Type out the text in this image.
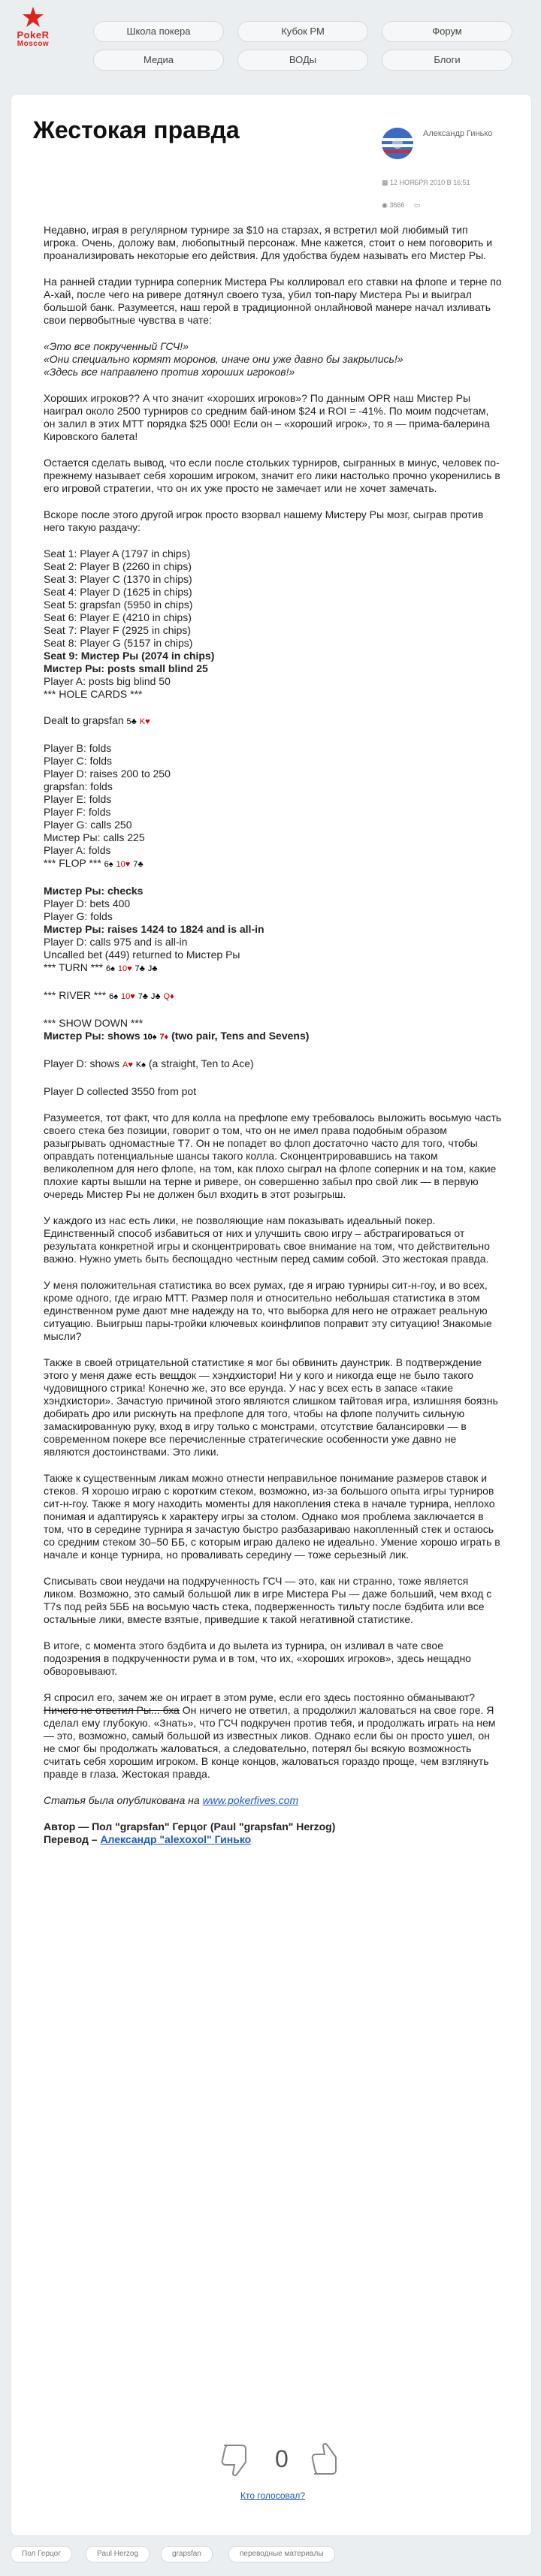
PokeR
Moscow
Школа покера	Кубок РМ	Форум
Медиа	ВОДы	Блоги
Жестокая правда	Александр Гинько
▦ 12 НОЯБРЯ 2010 В 16:51
◉ 3666 ▭

Недавно, играя в регулярном турнире за $10 на старзах, я встретил мой любимый тип игрока. Очень, доложу вам, любопытный персонаж. Мне кажется, стоит о нем поговорить и проанализировать некоторые его действия. Для удобства будем называть его Мистер Ры.

На ранней стадии турнира соперник Мистера Ры коллировал его ставки на флопе и терне по А-хай, после чего на ривере дотянул своего туза, убил топ-пару Мистера Ры и выиграл большой банк. Разумеется, наш герой в традиционной онлайновой манере начал изливать свои первобытные чувства в чате:

«Это все покрученный ГСЧ!»
«Они специально кормят моронов, иначе они уже давно бы закрылись!»
«Здесь все направлено против хороших игроков!»

Хороших игроков?? А что значит «хороших игроков»? По данным OPR наш Мистер Ры наиграл около 2500 турниров со средним бай-ином $24 и ROI = -41%. По моим подсчетам, он залил в этих МТТ порядка $25 000! Если он – «хороший игрок», то я — прима-балерина Кировского балета!

Остается сделать вывод, что если после стольких турниров, сыгранных в минус, человек по-прежнему называет себя хорошим игроком, значит его лики настолько прочно укоренились в его игровой стратегии, что он их уже просто не замечает или не хочет замечать.

Вскоре после этого другой игрок просто взорвал нашему Мистеру Ры мозг, сыграв против него такую раздачу:

Seat 1: Player A (1797 in chips)
Seat 2: Player B (2260 in chips)
Seat 3: Player C (1370 in chips)
Seat 4: Player D (1625 in chips)
Seat 5: grapsfan (5950 in chips)
Seat 6: Player E (4210 in chips)
Seat 7: Player F (2925 in chips)
Seat 8: Player G (5157 in chips)
Seat 9: Мистер Ры (2074 in chips)
Мистер Ры: posts small blind 25
Player A: posts big blind 50
*** HOLE CARDS ***

Dealt to grapsfan 5♣ K♥

Player B: folds
Player C: folds
Player D: raises 200 to 250
grapsfan: folds
Player E: folds
Player F: folds
Player G: calls 250
Мистер Ры: calls 225
Player A: folds
*** FLOP *** 6♠ 10♥ 7♣

Мистер Ры: checks
Player D: bets 400
Player G: folds
Мистер Ры: raises 1424 to 1824 and is all-in
Player D: calls 975 and is all-in
Uncalled bet (449) returned to Мистер Ры
*** TURN *** 6♠ 10♥ 7♣ J♣

*** RIVER *** 6♠ 10♥ 7♣ J♣ Q♦

*** SHOW DOWN ***
Мистер Ры: shows 10♠ 7♦ (two pair, Tens and Sevens)

Player D: shows A♥ K♠ (a straight, Ten to Ace)

Player D collected 3550 from pot

Разумеется, тот факт, что для колла на префлопе ему требовалось выложить восьмую часть своего стека без позиции, говорит о том, что он не имел права подобным образом разыгрывать одномастные T7. Он не попадет во флоп достаточно часто для того, чтобы оправдать потенциальные шансы такого колла. Сконцентрировавшись на таком великолепном для него флопе, на том, как плохо сыграл на флопе соперник и на том, какие плохие карты вышли на терне и ривере, он совершенно забыл про свой лик — в первую очередь Мистер Ры не должен был входить в этот розыгрыш.

У каждого из нас есть лики, не позволяющие нам показывать идеальный покер. Единственный способ избавиться от них и улучшить свою игру – абстрагироваться от результата конкретной игры и сконцентрировать свое внимание на том, что действительно важно. Нужно уметь быть беспощадно честным перед самим собой. Это жестокая правда.

У меня положительная статистика во всех румах, где я играю турниры сит-н-гоу, и во всех, кроме одного, где играю МТТ. Размер поля и относительно небольшая статистика в этом единственном руме дают мне надежду на то, что выборка для него не отражает реальную ситуацию. Выигрыш пары-тройки ключевых коинфлипов поправит эту ситуацию! Знакомые мысли?

Также в своей отрицательной статистике я мог бы обвинить даунстрик. В подтверждение этого у меня даже есть вещдок — хэндхистори! Ни у кого и никогда еще не было такого чудовищного стрика! Конечно же, это все ерунда. У нас у всех есть в запасе «такие хэндхистори». Зачастую причиной этого являются слишком тайтовая игра, излишняя боязнь добирать дро или рискнуть на префлопе для того, чтобы на флопе получить сильную замаскированную руку, вход в игру только с монстрами, отсутствие балансировки — в современном покере все перечисленные стратегические особенности уже давно не являются достоинствами. Это лики.

Также к существенным ликам можно отнести неправильное понимание размеров ставок и стеков. Я хорошо играю с коротким стеком, возможно, из-за большого опыта игры турниров сит-н-гоу. Также я могу находить моменты для накопления стека в начале турнира, неплохо понимая и адаптируясь к характеру игры за столом. Однако моя проблема заключается в том, что в середине турнира я зачастую быстро разбазариваю накопленный стек и остаюсь со средним стеком 30–50 ББ, с которым играю далеко не идеально. Умение хорошо играть в начале и конце турнира, но проваливать середину — тоже серьезный лик.

Списывать свои неудачи на подкрученность ГСЧ — это, как ни странно, тоже является ликом. Возможно, это самый большой лик в игре Мистера Ры — даже больший, чем вход с T7s под рейз 5ББ на восьмую часть стека, подверженность тильту после бэдбита или все остальные лики, вместе взятые, приведшие к такой негативной статистике.

В итоге, с момента этого бэдбита и до вылета из турнира, он изливал в чате свое подозрения в подкрученности рума и в том, что их, «хороших игроков», здесь нещадно обворовывают.

Я спросил его, зачем же он играет в этом руме, если его здесь постоянно обманывают? Ничего не ответил Ры... бха Он ничего не ответил, а продолжил жаловаться на свое горе. Я сделал ему глубокую. «Знать», что ГСЧ подкручен против тебя, и продолжать играть на нем — это, возможно, самый большой из известных ликов. Однако если бы он просто ушел, он не смог бы продолжать жаловаться, а следовательно, потерял бы всякую возможность считать себя хорошим игроком. В конце концов, жаловаться гораздо проще, чем взглянуть правде в глаза. Жестокая правда.

Статья была опубликована на www.pokerfives.com

Автор — Пол "grapsfan" Герцог (Paul "grapsfan" Herzog)
Перевод – Александр "alexoxol" Гинько

0
Кто голосовал?
Пол Герцог	Paul Herzog	grapsfan	переводные материалы
